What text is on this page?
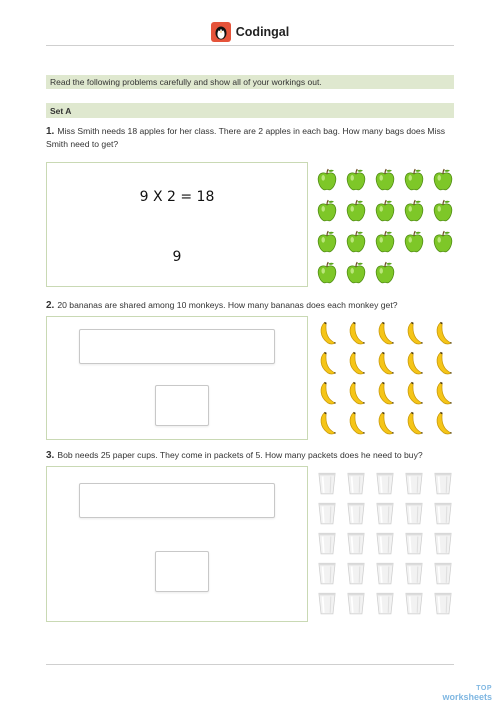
Codingal
Read the following problems carefully and show all of your workings out.
Set A
1. Miss Smith needs 18 apples for her class. There are 2 apples in each bag. How many bags does Miss Smith need to get?
9 X 2 = 18
9
2. 20 bananas are shared among 10 monkeys. How many bananas does each monkey get?
3. Bob needs 25 paper cups. They come in packets of 5. How many packets does he need to buy?
TOP
worksheets
